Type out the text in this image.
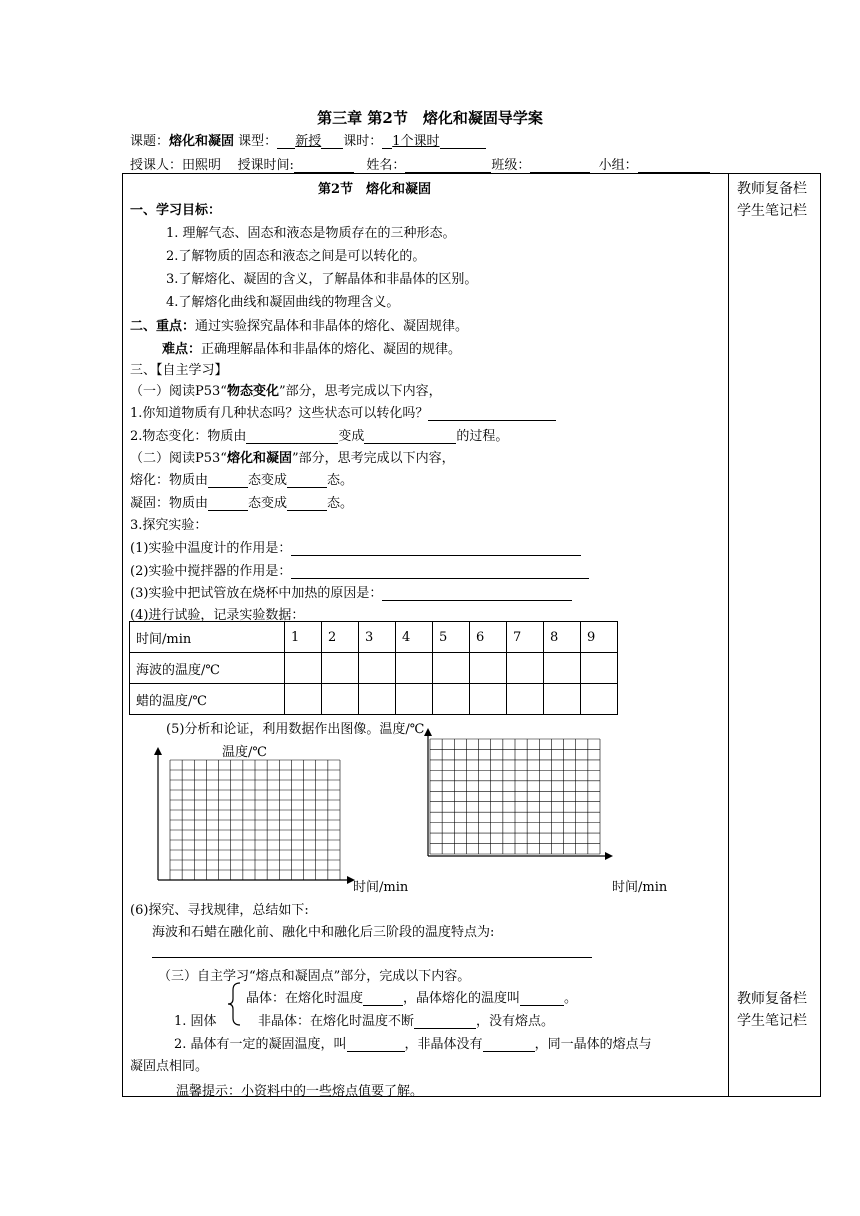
第三章 第2节　熔化和凝固导学案
课题：熔化和凝固 课型： 新授 课时： 1个课时
授课人：田熙明 授课时间:	姓名：	班级：	小组：
教师复备栏
学生笔记栏
教师复备栏
学生笔记栏
第2节　熔化和凝固
一、学习目标：
1. 理解气态、固态和液态是物质存在的三种形态。
2.了解物质的固态和液态之间是可以转化的。
3.了解熔化、凝固的含义，了解晶体和非晶体的区别。
4.了解熔化曲线和凝固曲线的物理含义。
二、重点：通过实验探究晶体和非晶体的熔化、凝固规律。
难点：正确理解晶体和非晶体的熔化、凝固的规律。
三、【自主学习】
（一）阅读P53“物态变化”部分，思考完成以下内容，
1.你知道物质有几种状态吗？这些状态可以转化吗？
2.物态变化：物质由	变成	的过程。
（二）阅读P53“熔化和凝固”部分，思考完成以下内容，
熔化：物质由	态变成	态。
凝固：物质由	态变成	态。
3.探究实验：
(1)实验中温度计的作用是：
(2)实验中搅拌器的作用是：
(3)实验中把试管放在烧杯中加热的原因是：
(4)进行试验，记录实验数据：
时间/min	1	2	3	4	5	6	7	8	9
海波的温度/℃									
蜡的温度/℃									
(5)分析和论证，利用数据作出图像。温度/℃
温度/℃
时间/min	时间/min
(6)探究、寻找规律，总结如下:
海波和石蜡在融化前、融化中和融化后三阶段的温度特点为:
（三）自主学习“熔点和凝固点”部分，完成以下内容。
晶体：在熔化时温度	，晶体熔化的温度叫	。
1. 固体	非晶体：在熔化时温度不断	，没有熔点。
2. 晶体有一定的凝固温度，叫	，非晶体没有	，同一晶体的熔点与
凝固点相同。
温馨提示：小资料中的一些熔点值要了解。
